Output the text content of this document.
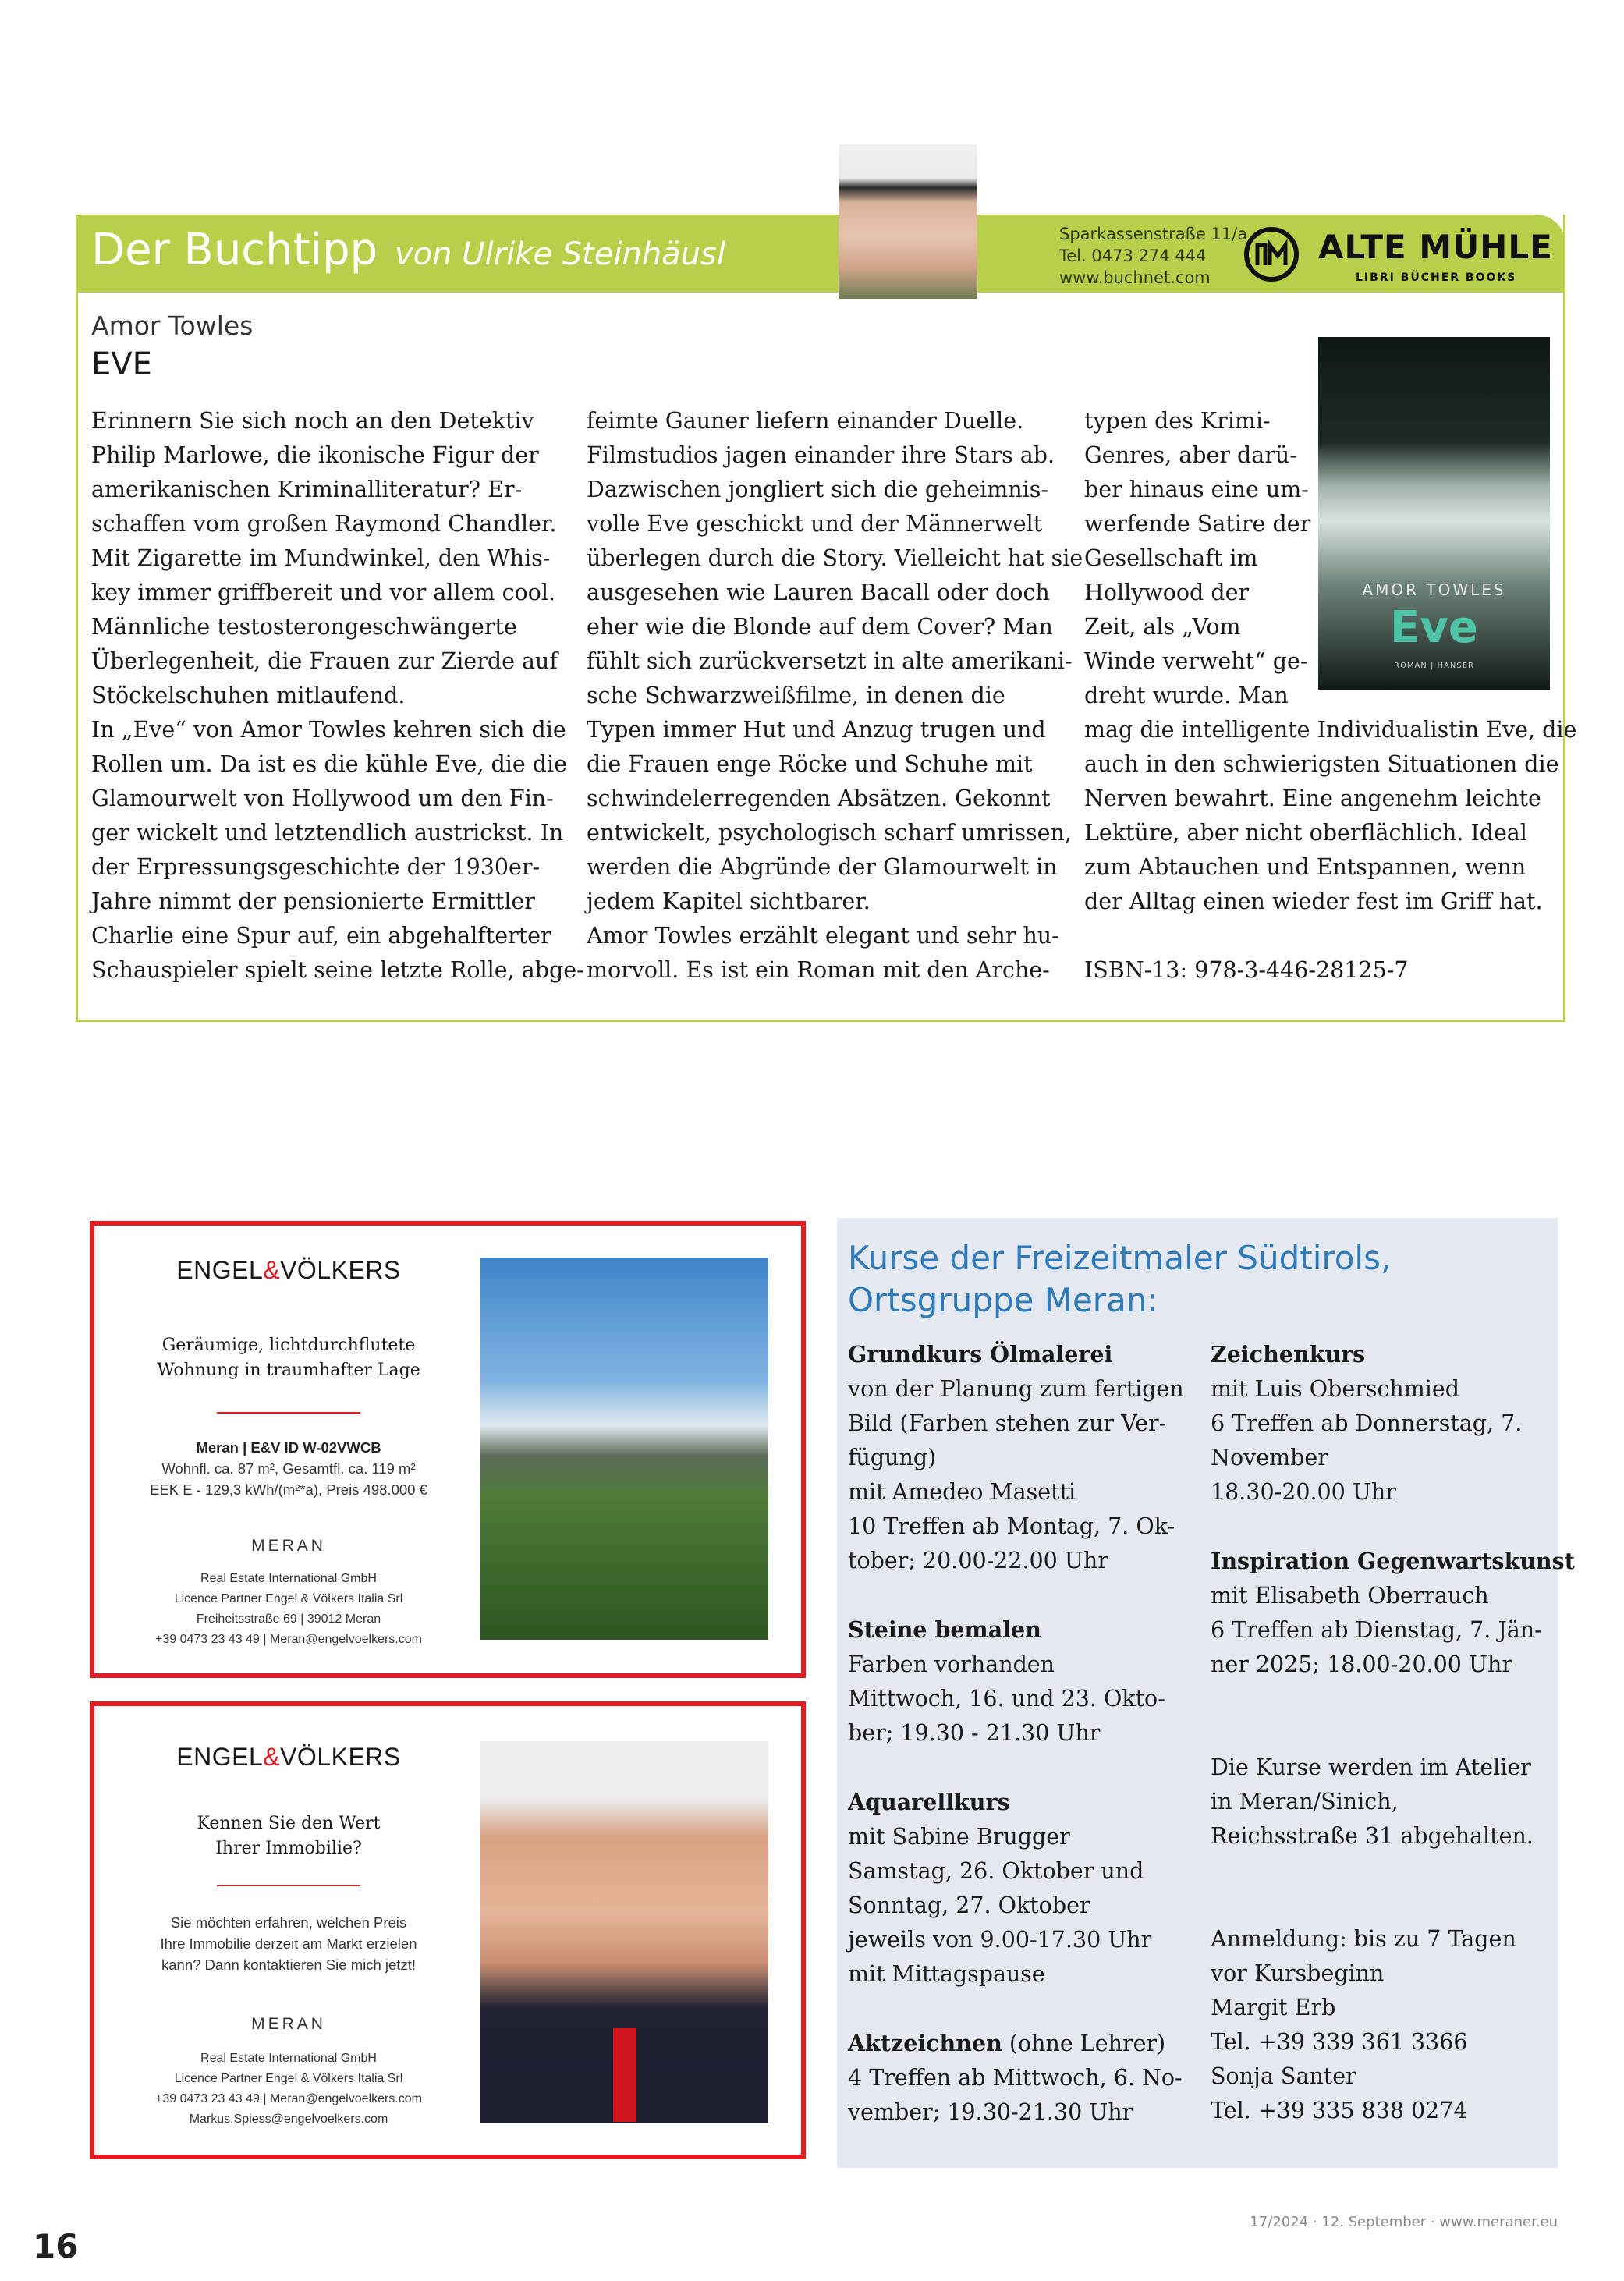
Der Buchtipp von Ulrike Steinhäusl
Sparkassenstraße 11/a
Tel. 0473 274 444
www.buchnet.com
ALTE MÜHLE
LIBRI BÜCHER BOOKS
Amor Towles
EVE
Erinnern Sie sich noch an den Detektiv
Philip Marlowe, die ikonische Figur der
amerikanischen Kriminalliteratur? Er-
schaffen vom großen Raymond Chandler.
Mit Zigarette im Mundwinkel, den Whis-
key immer griffbereit und vor allem cool.
Männliche testosterongeschwängerte
Überlegenheit, die Frauen zur Zierde auf
Stöckelschuhen mitlaufend.
In „Eve“ von Amor Towles kehren sich die
Rollen um. Da ist es die kühle Eve, die die
Glamourwelt von Hollywood um den Fin-
ger wickelt und letztendlich austrickst. In
der Erpressungsgeschichte der 1930er-
Jahre nimmt der pensionierte Ermittler
Charlie eine Spur auf, ein abgehalfterter
Schauspieler spielt seine letzte Rolle, abge-
feimte Gauner liefern einander Duelle.
Filmstudios jagen einander ihre Stars ab.
Dazwischen jongliert sich die geheimnis-
volle Eve geschickt und der Männerwelt
überlegen durch die Story. Vielleicht hat sie
ausgesehen wie Lauren Bacall oder doch
eher wie die Blonde auf dem Cover? Man
fühlt sich zurückversetzt in alte amerikani-
sche Schwarzweißfilme, in denen die
Typen immer Hut und Anzug trugen und
die Frauen enge Röcke und Schuhe mit
schwindelerregenden Absätzen. Gekonnt
entwickelt, psychologisch scharf umrissen,
werden die Abgründe der Glamourwelt in
jedem Kapitel sichtbarer.
Amor Towles erzählt elegant und sehr hu-
morvoll. Es ist ein Roman mit den Arche-
typen des Krimi-
Genres, aber darü-
ber hinaus eine um-
werfende Satire der
Gesellschaft im
Hollywood der
Zeit, als „Vom
Winde verweht“ ge-
dreht wurde. Man
mag die intelligente Individualistin Eve, die
auch in den schwierigsten Situationen die
Nerven bewahrt. Eine angenehm leichte
Lektüre, aber nicht oberflächlich. Ideal
zum Abtauchen und Entspannen, wenn
der Alltag einen wieder fest im Griff hat.

ISBN-13: 978-3-446-28125-7
AMOR TOWLES
Eve
ROMAN | HANSER
ENGEL&VÖLKERS
Geräumige, lichtdurchflutete
Wohnung in traumhafter Lage
Meran | E&V ID W-02VWCB
Wohnfl. ca. 87 m², Gesamtfl. ca. 119 m²
EEK E - 129,3 kWh/(m²*a), Preis 498.000 €
MERAN
Real Estate International GmbH
Licence Partner Engel & Völkers Italia Srl
Freiheitsstraße 69 | 39012 Meran
+39 0473 23 43 49 | Meran@engelvoelkers.com
ENGEL&VÖLKERS
Kennen Sie den Wert
Ihrer Immobilie?
Sie möchten erfahren, welchen Preis
Ihre Immobilie derzeit am Markt erzielen
kann? Dann kontaktieren Sie mich jetzt!
MERAN
Real Estate International GmbH
Licence Partner Engel & Völkers Italia Srl
+39 0473 23 43 49 | Meran@engelvoelkers.com
Markus.Spiess@engelvoelkers.com
Kurse der Freizeitmaler Südtirols,
Ortsgruppe Meran:
Grundkurs Ölmalerei
von der Planung zum fertigen
Bild (Farben stehen zur Ver-
fügung)
mit Amedeo Masetti
10 Treffen ab Montag, 7. Ok-
tober; 20.00-22.00 Uhr

Steine bemalen
Farben vorhanden
Mittwoch, 16. und 23. Okto-
ber; 19.30 - 21.30 Uhr

Aquarellkurs
mit Sabine Brugger
Samstag, 26. Oktober und
Sonntag, 27. Oktober
jeweils von 9.00-17.30 Uhr
mit Mittagspause

Aktzeichnen (ohne Lehrer)
4 Treffen ab Mittwoch, 6. No-
vember; 19.30-21.30 Uhr
Zeichenkurs
mit Luis Oberschmied
6 Treffen ab Donnerstag, 7.
November
18.30-20.00 Uhr

Inspiration Gegenwartskunst
mit Elisabeth Oberrauch
6 Treffen ab Dienstag, 7. Jän-
ner 2025; 18.00-20.00 Uhr

Die Kurse werden im Atelier
in Meran/Sinich,
Reichsstraße 31 abgehalten.

Anmeldung: bis zu 7 Tagen
vor Kursbeginn
Margit Erb
Tel. +39 339 361 3366
Sonja Santer
Tel. +39 335 838 0274
16
17/2024 · 12. September · www.meraner.eu
